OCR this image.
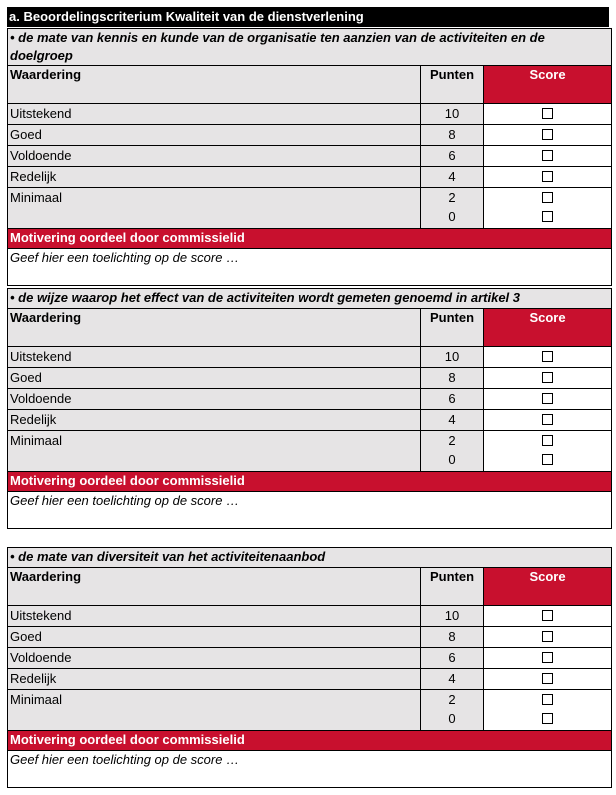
a. Beoordelingscriterium Kwaliteit van de dienstverlening
• de mate van kennis en kunde van de organisatie ten aanzien van de activiteiten en de doelgroep		
Waardering	Punten	Score
Uitstekend	10	
Goed	8	
Voldoende	6	
Redelijk	4	
Minimaal	2
0	

Motivering oordeel door commissielid		
Geef hier een toelichting op de score …		
• de wijze waarop het effect van de activiteiten wordt gemeten genoemd in artikel 3		
Waardering	Punten	Score
Uitstekend	10	
Goed	8	
Voldoende	6	
Redelijk	4	
Minimaal	2
0	

Motivering oordeel door commissielid		
Geef hier een toelichting op de score …		
• de mate van diversiteit van het activiteitenaanbod		
Waardering	Punten	Score
Uitstekend	10	
Goed	8	
Voldoende	6	
Redelijk	4	
Minimaal	2
0	

Motivering oordeel door commissielid		
Geef hier een toelichting op de score …		
